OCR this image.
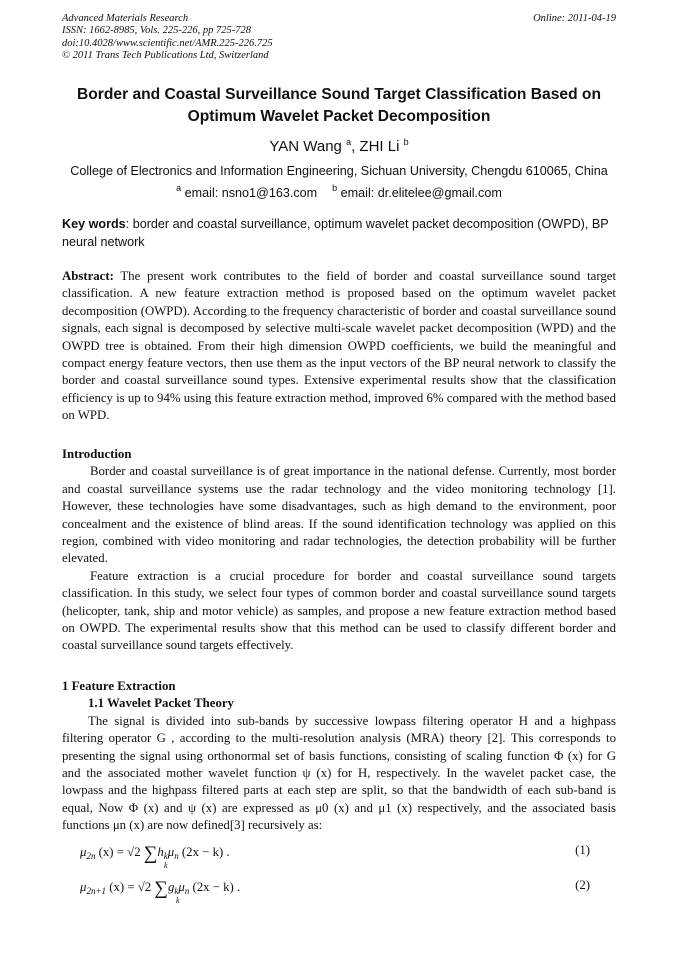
Advanced Materials Research
ISSN: 1662-8985, Vols. 225-226, pp 725-728
doi:10.4028/www.scientific.net/AMR.225-226.725
© 2011 Trans Tech Publications Ltd, Switzerland
Online: 2011-04-19
Border and Coastal Surveillance Sound Target Classification Based on
Optimum Wavelet Packet Decomposition
YAN Wang $^a$, ZHI Li $^b$
College of Electronics and Information Engineering, Sichuan University, Chengdu 610065, China
$^a$ email: nsno1@163.com $^b$ email: dr.elitelee@gmail.com
Key words: border and coastal surveillance, optimum wavelet packet decomposition (OWPD), BP neural network

Abstract: The present work contributes to the field of border and coastal surveillance sound target classification. A new feature extraction method is proposed based on the optimum wavelet packet decomposition (OWPD). According to the frequency characteristic of border and coastal surveillance sound signals, each signal is decomposed by selective multi-scale wavelet packet decomposition (WPD) and the OWPD tree is obtained. From their high dimension OWPD coefficients, we build the meaningful and compact energy feature vectors, then use them as the input vectors of the BP neural network to classify the border and coastal surveillance sound types. Extensive experimental results show that the classification efficiency is up to 94% using this feature extraction method, improved 6% compared with the method based on WPD.

Introduction

Border and coastal surveillance is of great importance in the national defense. Currently, most border and coastal surveillance systems use the radar technology and the video monitoring technology [1]. However, these technologies have some disadvantages, such as high demand to the environment, poor concealment and the existence of blind areas. If the sound identification technology was applied on this region, combined with video monitoring and radar technologies, the detection probability will be further elevated.

Feature extraction is a crucial procedure for border and coastal surveillance sound targets classification. In this study, we select four types of common border and coastal surveillance sound targets (helicopter, tank, ship and motor vehicle) as samples, and propose a new feature extraction method based on OWPD. The experimental results show that this method can be used to classify different border and coastal surveillance sound targets effectively.

1 Feature Extraction

1.1 Wavelet Packet Theory

The signal is divided into sub-bands by successive lowpass filtering operator H and a highpass filtering operator G , according to the multi-resolution analysis (MRA) theory [2]. This corresponds to presenting the signal using orthonormal set of basis functions, consisting of scaling function Φ (x) for G and the associated mother wavelet function ψ (x) for H, respectively. In the wavelet packet case, the lowpass and the highpass filtered parts at each step are split, so that the bandwidth of each sub-band is equal, Now Φ (x) and ψ (x) are expressed as μ0 (x) and μ1 (x) respectively, and the associated basis functions μn (x) are now defined[3] recursively as:

$\mu_{2n}$ (x) = √2 $\sum h_k\mu_n$ (2x − k) .
k
(1)
$\mu_{2n+1}$ (x) = √2 $\sum g_k\mu_n$ (2x − k) .
k
(2)
